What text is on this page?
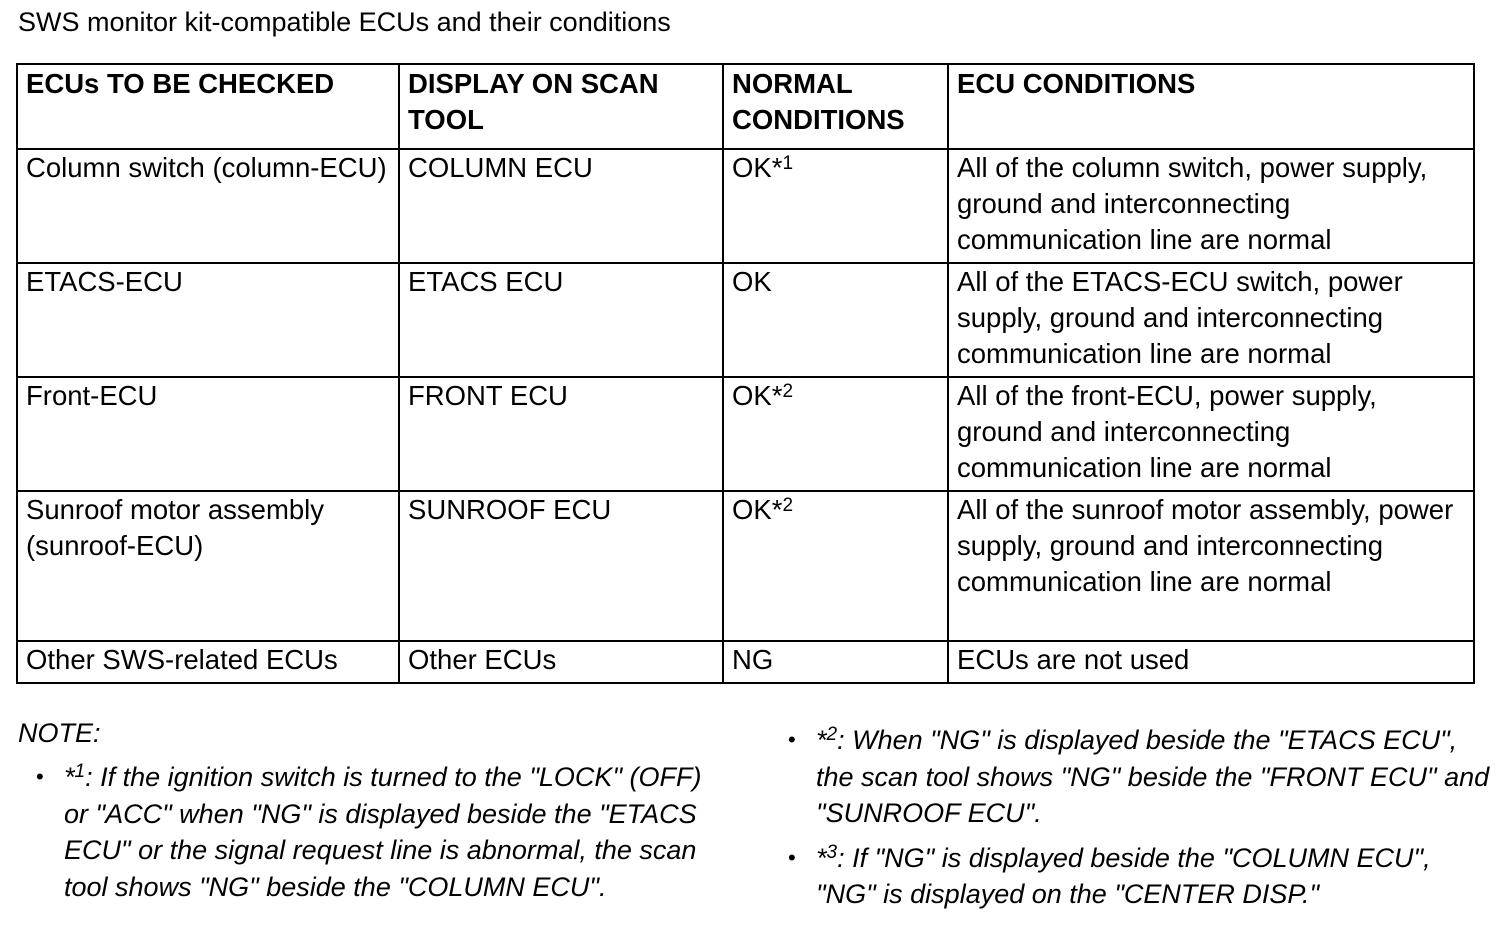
SWS monitor kit-compatible ECUs and their conditions
ECUs TO BE CHECKED	DISPLAY ON SCAN TOOL	NORMAL CONDITIONS	ECU CONDITIONS
Column switch (column-ECU)	COLUMN ECU	OK*$^1$	All of the column switch, power supply, ground and interconnecting communication line are normal
ETACS-ECU	ETACS ECU	OK	All of the ETACS-ECU switch, power supply, ground and interconnecting communication line are normal
Front-ECU	FRONT ECU	OK*$^2$	All of the front-ECU, power supply, ground and interconnecting communication line are normal
Sunroof motor assembly (sunroof-ECU)	SUNROOF ECU	OK*$^2$	All of the sunroof motor assembly, power supply, ground and interconnecting communication line are normal
Other SWS-related ECUs	Other ECUs	NG	ECUs are not used
NOTE:
• *$^1$: If the ignition switch is turned to the "LOCK" (OFF) or "ACC" when "NG" is displayed beside the "ETACS ECU" or the signal request line is abnormal, the scan tool shows "NG" beside the "COLUMN ECU".
• *$^2$: When "NG" is displayed beside the "ETACS ECU", the scan tool shows "NG" beside the "FRONT ECU" and "SUNROOF ECU".
• *$^3$: If "NG" is displayed beside the "COLUMN ECU", "NG" is displayed on the "CENTER DISP."
